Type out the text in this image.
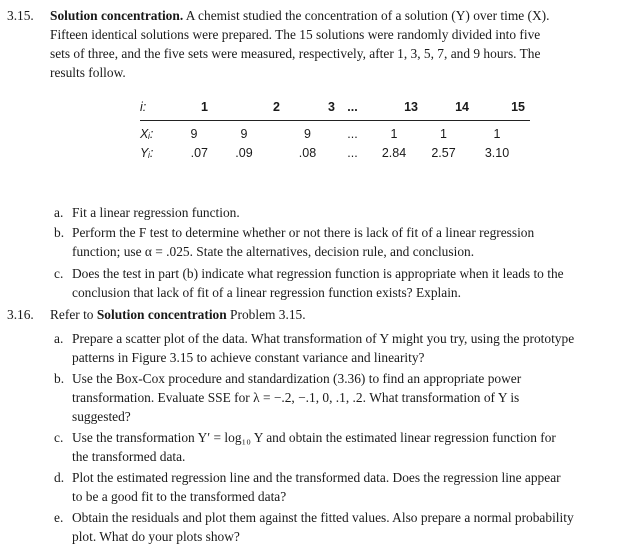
3.15. Solution concentration. A chemist studied the concentration of a solution (Y) over time (X).
Fifteen identical solutions were prepared. The 15 solutions were randomly divided into five
sets of three, and the five sets were measured, respectively, after 1, 3, 5, 7, and 9 hours. The
results follow.
i:	1	2	3	...	13	14	15

Xᵢ:	9	9	9	...	1	1	1
Yᵢ:	.07	.09	.08	...	2.84	2.57	3.10
a. Fit a linear regression function.
b. Perform the F test to determine whether or not there is lack of fit of a linear regression
function; use α = .025. State the alternatives, decision rule, and conclusion.
c. Does the test in part (b) indicate what regression function is appropriate when it leads to the
conclusion that lack of fit of a linear regression function exists? Explain.
3.16. Refer to Solution concentration Problem 3.15.
a. Prepare a scatter plot of the data. What transformation of Y might you try, using the prototype
patterns in Figure 3.15 to achieve constant variance and linearity?
b. Use the Box-Cox procedure and standardization (3.36) to find an appropriate power
transformation. Evaluate SSE for λ = −.2, −.1, 0, .1, .2. What transformation of Y is
suggested?
c. Use the transformation Y′ = log₁₀ Y and obtain the estimated linear regression function for
the transformed data.
d. Plot the estimated regression line and the transformed data. Does the regression line appear
to be a good fit to the transformed data?
e. Obtain the residuals and plot them against the fitted values. Also prepare a normal probability
plot. What do your plots show?
